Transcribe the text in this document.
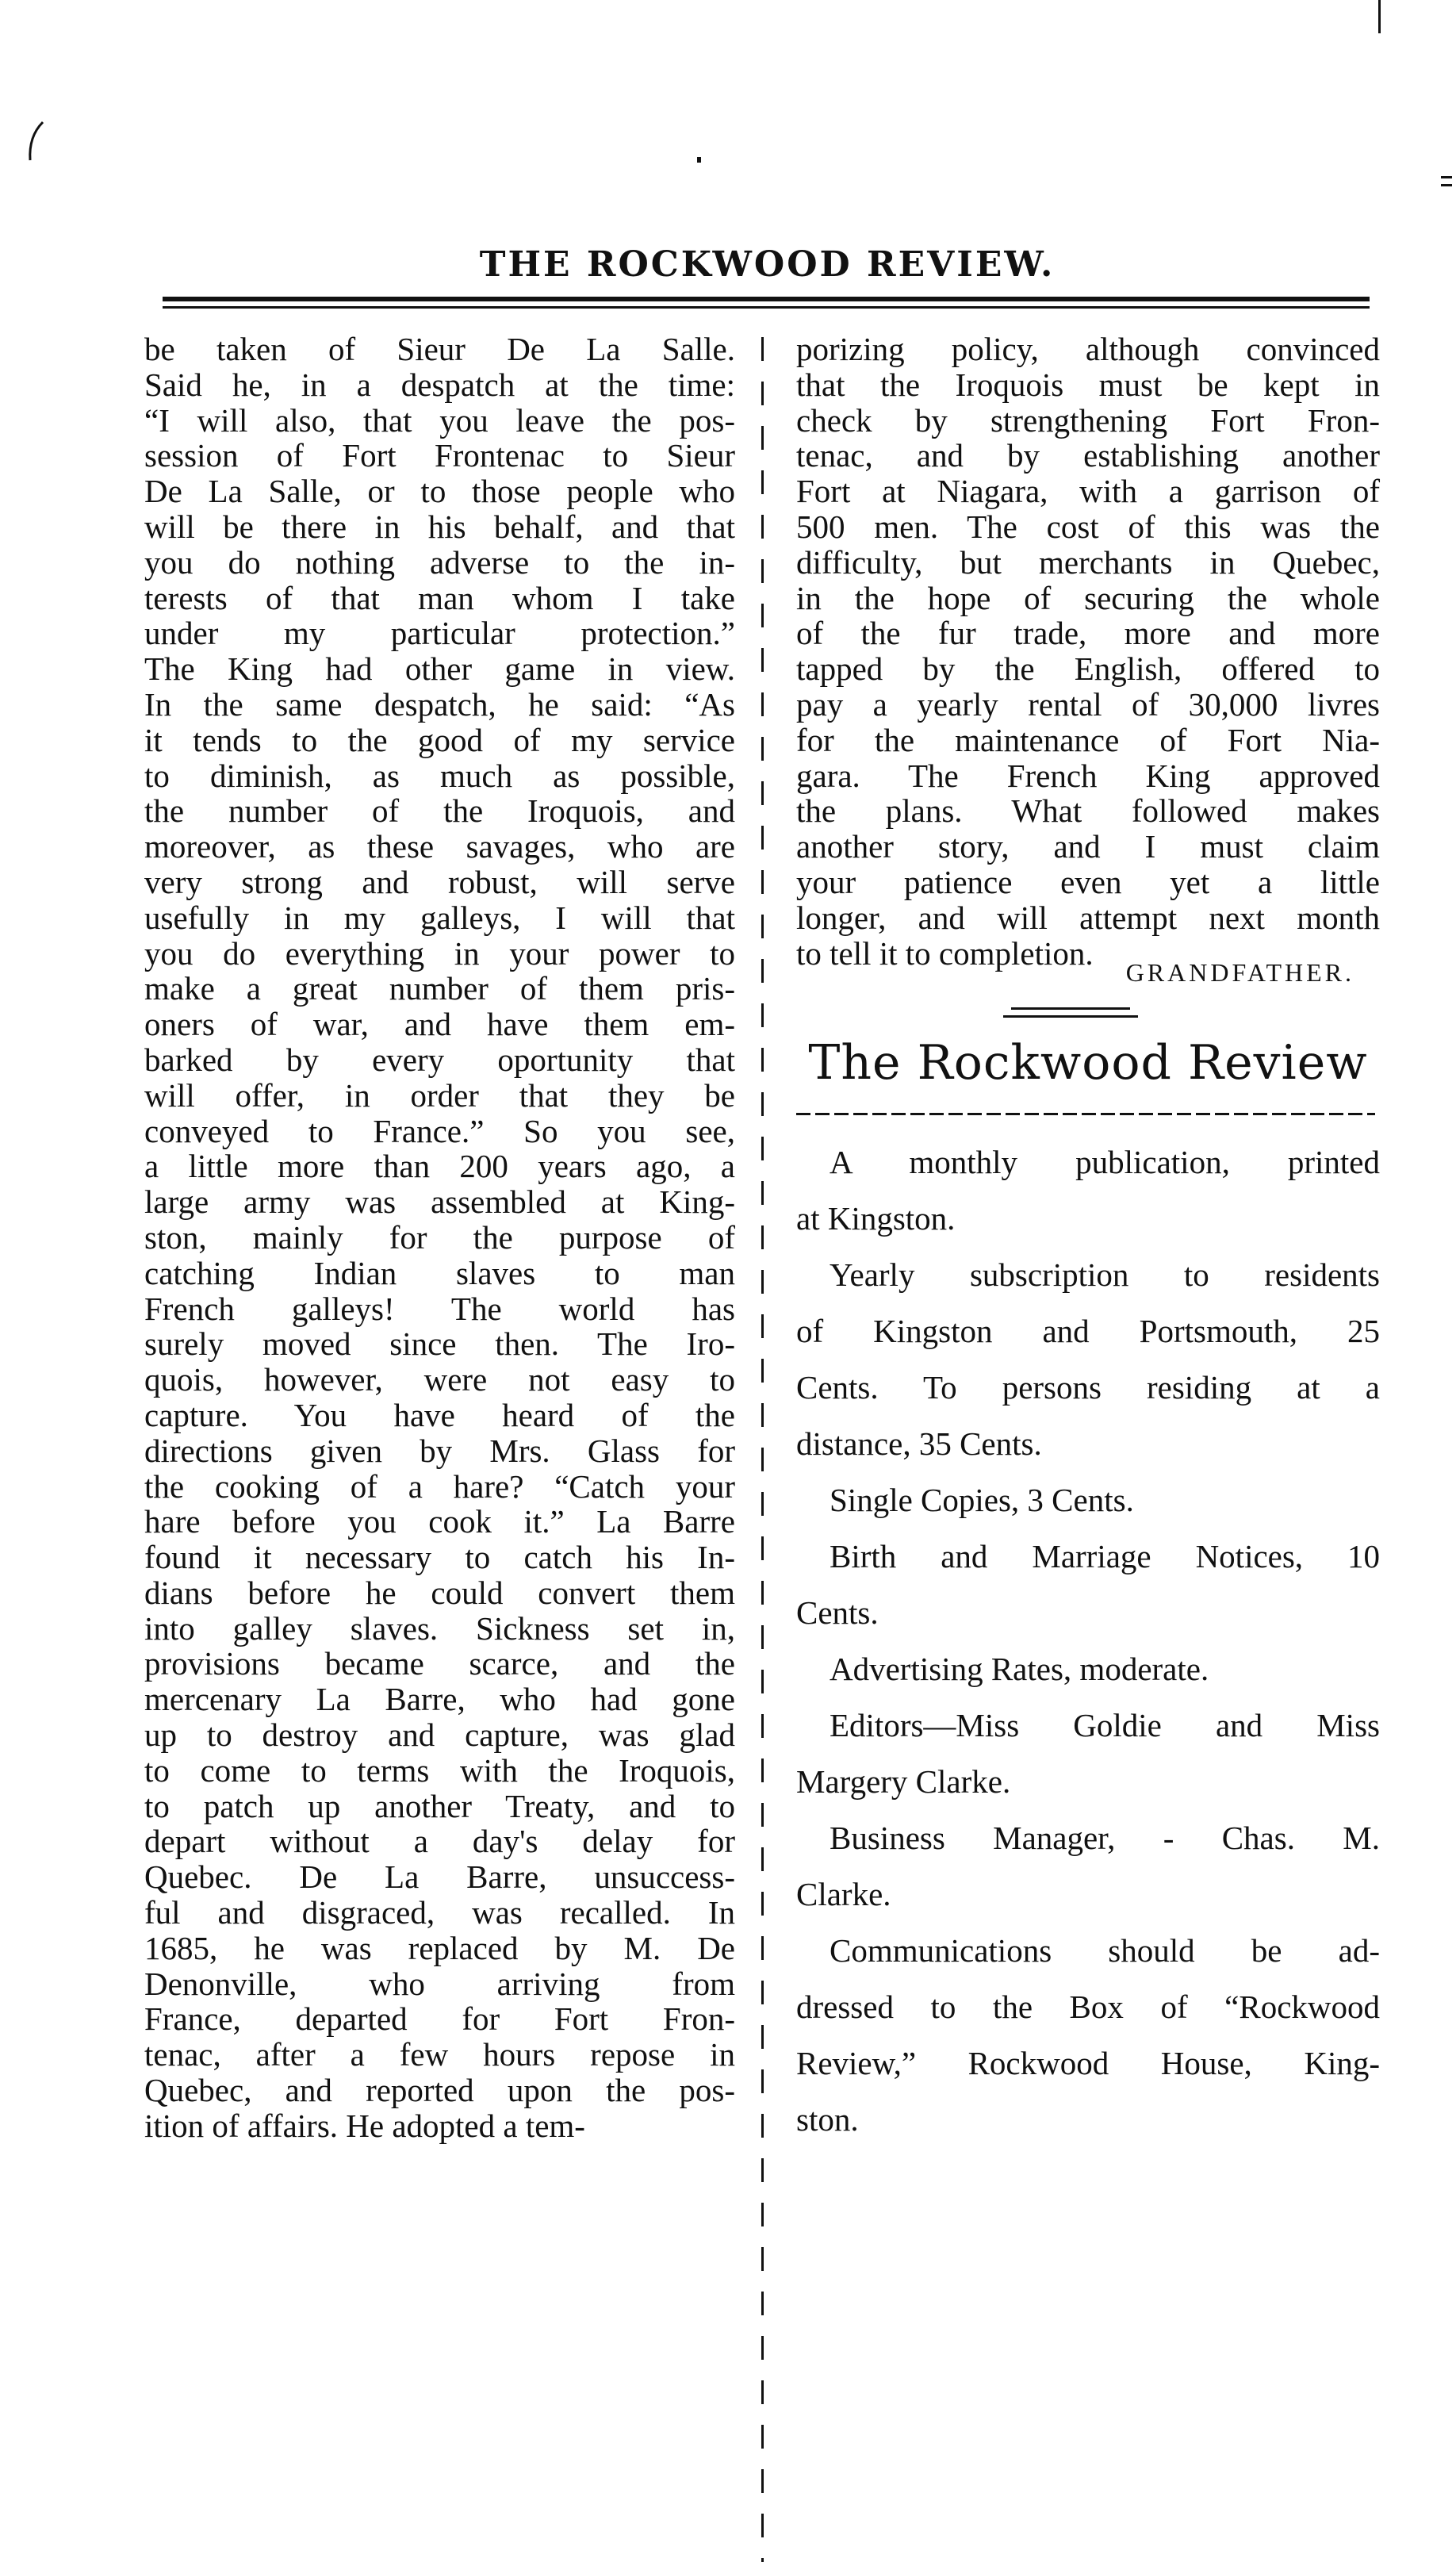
THE ROCKWOOD REVIEW.
be taken of Sieur De La Salle.
Said he, in a despatch at the time:
“I will also, that you leave the pos-
session of Fort Frontenac to Sieur
De La Salle, or to those people who
will be there in his behalf, and that
you do nothing adverse to the in-
terests of that man whom I take
under my particular protection.”
The King had other game in view.
In the same despatch, he said: “As
it tends to the good of my service
to diminish, as much as possible,
the number of the Iroquois, and
moreover, as these savages, who are
very strong and robust, will serve
usefully in my galleys, I will that
you do everything in your power to
make a great number of them pris-
oners of war, and have them em-
barked by every oportunity that
will offer, in order that they be
conveyed to France.” So you see,
a little more than 200 years ago, a
large army was assembled at King-
ston, mainly for the purpose of
catching Indian slaves to man
French galleys! The world has
surely moved since then. The Iro-
quois, however, were not easy to
capture. You have heard of the
directions given by Mrs. Glass for
the cooking of a hare? “Catch your
hare before you cook it.” La Barre
found it necessary to catch his In-
dians before he could convert them
into galley slaves. Sickness set in,
provisions became scarce, and the
mercenary La Barre, who had gone
up to destroy and capture, was glad
to come to terms with the Iroquois,
to patch up another Treaty, and to
depart without a day's delay for
Quebec. De La Barre, unsuccess-
ful and disgraced, was recalled. In
1685, he was replaced by M. De
Denonville, who arriving from
France, departed for Fort Fron-
tenac, after a few hours repose in
Quebec, and reported upon the pos-
ition of affairs. He adopted a tem-
porizing policy, although convinced
that the Iroquois must be kept in
check by strengthening Fort Fron-
tenac, and by establishing another
Fort at Niagara, with a garrison of
500 men. The cost of this was the
difficulty, but merchants in Quebec,
in the hope of securing the whole
of the fur trade, more and more
tapped by the English, offered to
pay a yearly rental of 30,000 livres
for the maintenance of Fort Nia-
gara. The French King approved
the plans. What followed makes
another story, and I must claim
your patience even yet a little
longer, and will attempt next month
to tell it to completion.
GRANDFATHER.
The Rockwood Review
A monthly publication, printed
at Kingston.
Yearly subscription to residents
of Kingston and Portsmouth, 25
Cents. To persons residing at a
distance, 35 Cents.
Single Copies, 3 Cents.
Birth and Marriage Notices, 10
Cents.
Advertising Rates, moderate.
Editors—Miss Goldie and Miss
Margery Clarke.
Business Manager, - Chas. M.
Clarke.
Communications should be ad-
dressed to the Box of “Rockwood
Review,” Rockwood House, King-
ston.
